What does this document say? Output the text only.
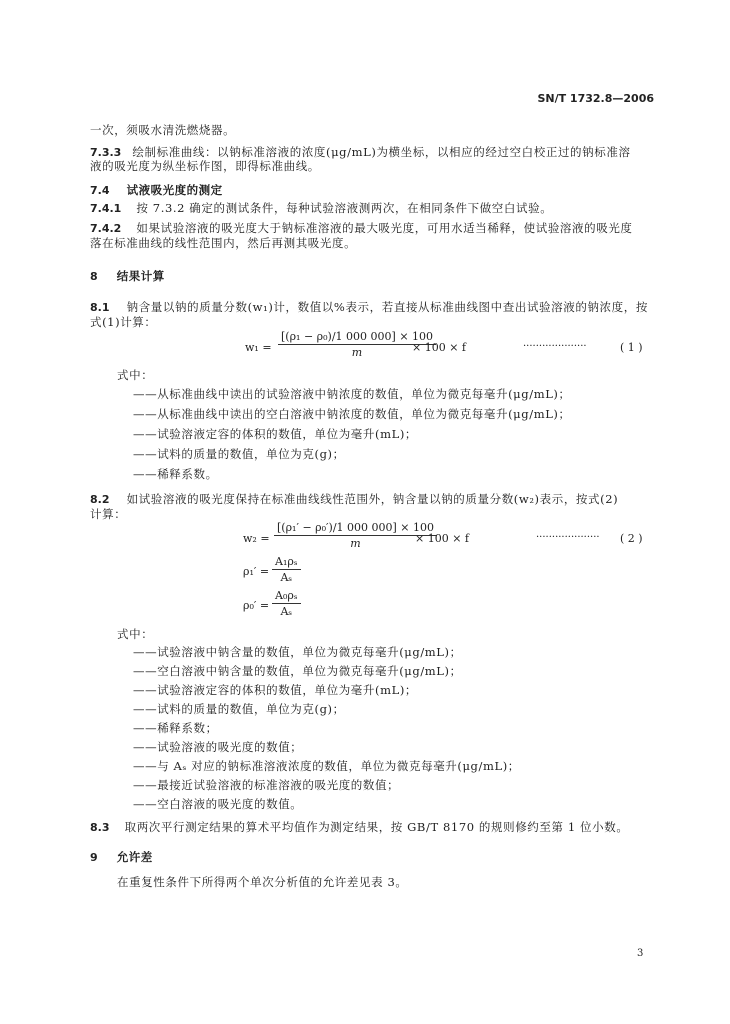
SN/T 1732.8—2006
一次，须吸水清洗燃烧器。
7.3.3 绘制标准曲线：以钠标准溶液的浓度(μg/mL)为横坐标，以相应的经过空白校正过的钠标准溶
液的吸光度为纵坐标作图，即得标准曲线。
7.4 试液吸光度的测定
7.4.1 按 7.3.2 确定的测试条件，每种试验溶液测两次，在相同条件下做空白试验。
7.4.2 如果试验溶液的吸光度大于钠标准溶液的最大吸光度，可用水适当稀释，使试验溶液的吸光度
落在标准曲线的线性范围内，然后再测其吸光度。
8 结果计算
8.1 钠含量以钠的质量分数(w₁)计，数值以%表示，若直接从标准曲线图中查出试验溶液的钠浓度，按
式(1)计算：
$w_1 = \frac{\text{[(ρ₁ − ρ₀)/1 000 000] × 100}}{m}$
× 100 × f	····················	( 1 )
式中：
——从标准曲线中读出的试验溶液中钠浓度的数值，单位为微克每毫升(μg/mL)；
——从标准曲线中读出的空白溶液中钠浓度的数值，单位为微克每毫升(μg/mL)；
——试验溶液定容的体积的数值，单位为毫升(mL)；
——试料的质量的数值，单位为克(g)；
——稀释系数。
8.2 如试验溶液的吸光度保持在标准曲线线性范围外，钠含量以钠的质量分数(w₂)表示，按式(2)
计算：
$w_2 = \frac{\text{[(ρ₁′ − ρ₀′)/1 000 000] × 100}}{m}$
× 100 × f	···················· ( 2 )
$\rho_1' = \frac{\text{A₁ρₛ}}{\text{Aₛ}}$
$\rho_0' = \frac{\text{A₀ρₛ}}{\text{Aₛ}}$
式中：
——试验溶液中钠含量的数值，单位为微克每毫升(μg/mL)；
——空白溶液中钠含量的数值，单位为微克每毫升(μg/mL)；
——试验溶液定容的体积的数值，单位为毫升(mL)；
——试料的质量的数值，单位为克(g)；
——稀释系数；
——试验溶液的吸光度的数值；
——与 Aₛ 对应的钠标准溶液浓度的数值，单位为微克每毫升(μg/mL)；
——最接近试验溶液的标准溶液的吸光度的数值；
——空白溶液的吸光度的数值。
8.3 取两次平行测定结果的算术平均值作为测定结果，按 GB/T 8170 的规则修约至第 1 位小数。
9 允许差
在重复性条件下所得两个单次分析值的允许差见表 3。
3
